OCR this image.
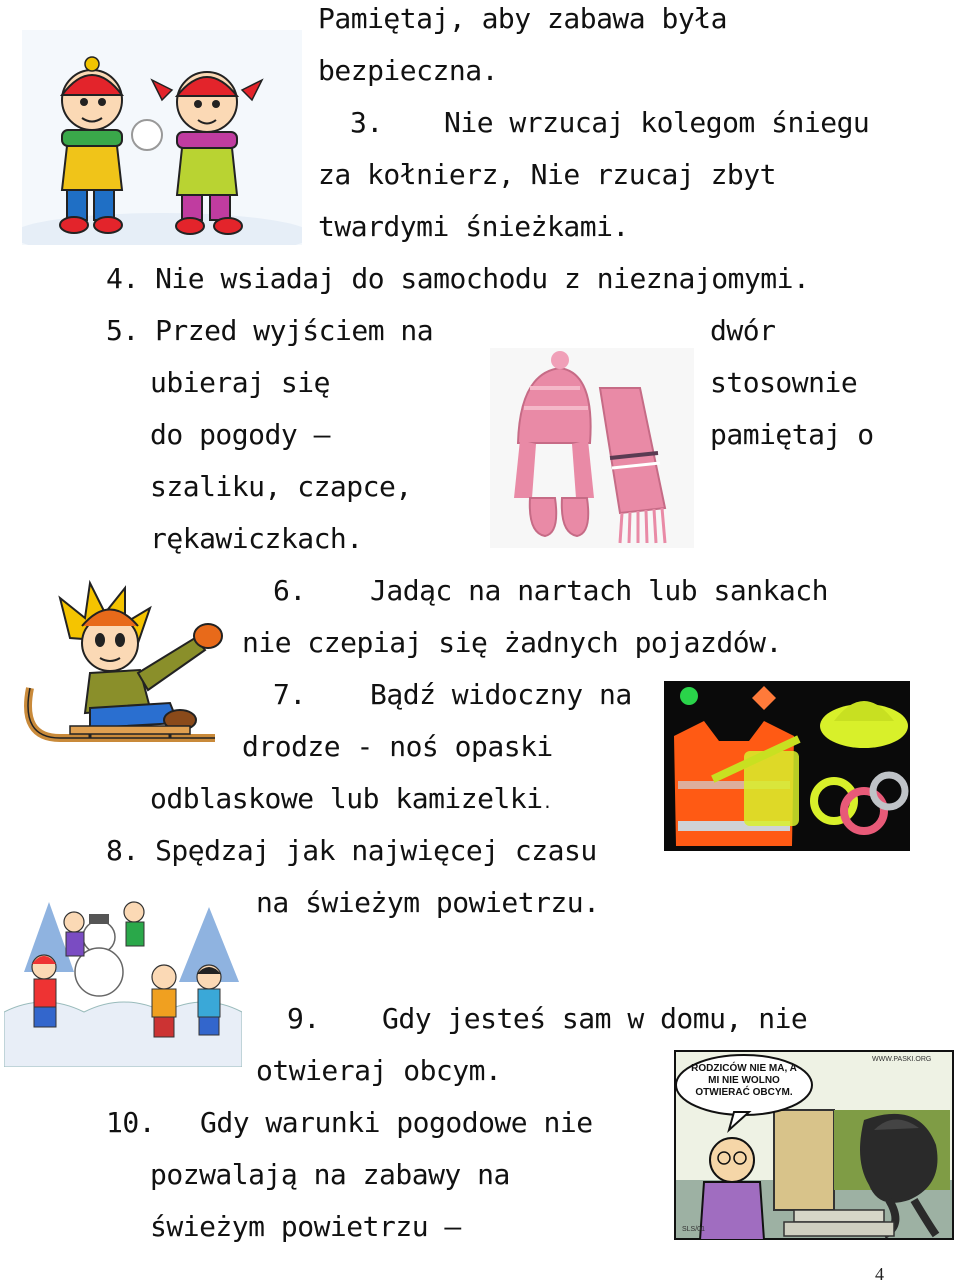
Pamiętaj, aby zabawa była
bezpieczna.
3. Nie wrzucaj kolegom śniegu
za kołnierz, Nie rzucaj zbyt
twardymi śnieżkami.
4. Nie wsiadaj do samochodu z nieznajomymi.
5. Przed wyjściem na	dwór
ubieraj się	stosownie
do pogody –	pamiętaj o
szaliku, czapce,
rękawiczkach.
6. Jadąc na nartach lub sankach
nie czepiaj się żadnych pojazdów.
7. Bądź widoczny na
drodze - noś opaski
odblaskowe lub kamizelki.
8. Spędzaj jak najwięcej czasu
na świeżym powietrzu.
9. Gdy jesteś sam w domu, nie
otwieraj obcym.
10. Gdy warunki pogodowe nie
pozwalają na zabawy na
świeżym powietrzu –
4
RODZICÓW NIE MA, A MI NIE WOLNO OTWIERAĆ OBCYM.
WWW.PASKI.ORG
SLS/01
